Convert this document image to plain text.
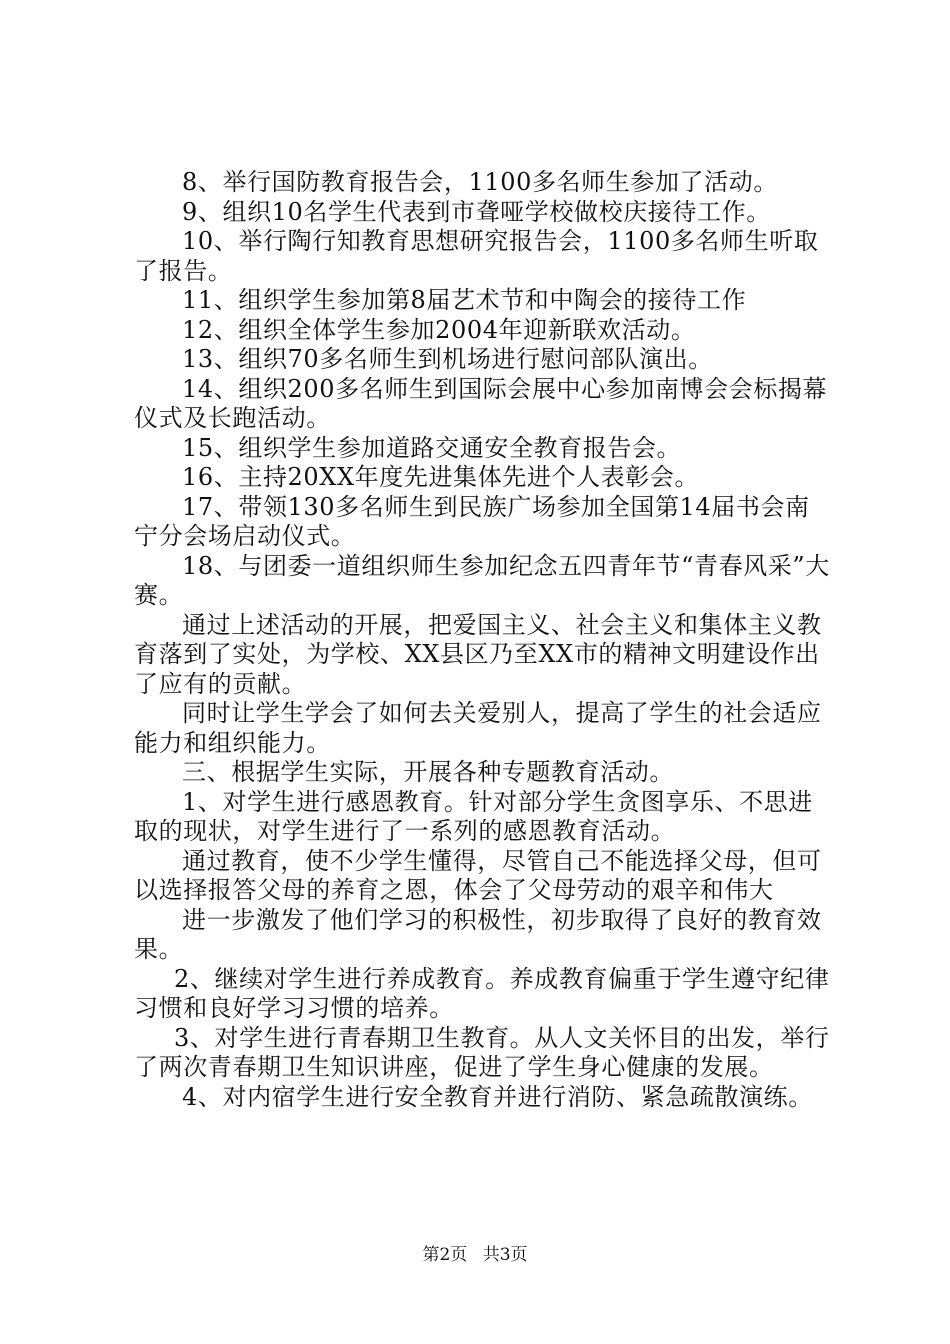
8、举行国防教育报告会，1100多名师生参加了活动。

9、组织10名学生代表到市聋哑学校做校庆接待工作。

10、举行陶行知教育思想研究报告会，1100多名师生听取了报告。

11、组织学生参加第8届艺术节和中陶会的接待工作

12、组织全体学生参加2004年迎新联欢活动。

13、组织70多名师生到机场进行慰问部队演出。

14、组织200多名师生到国际会展中心参加南博会会标揭幕仪式及长跑活动。

15、组织学生参加道路交通安全教育报告会。

16、主持20XX年度先进集体先进个人表彰会。

17、带领130多名师生到民族广场参加全国第14届书会南宁分会场启动仪式。

18、与团委一道组织师生参加纪念五四青年节“青春风采”大赛。

通过上述活动的开展，把爱国主义、社会主义和集体主义教育落到了实处，为学校、XX县区乃至XX市的精神文明建设作出了应有的贡献。

同时让学生学会了如何去关爱别人，提高了学生的社会适应能力和组织能力。

三、根据学生实际，开展各种专题教育活动。

1、对学生进行感恩教育。针对部分学生贪图享乐、不思进取的现状，对学生进行了一系列的感恩教育活动。

通过教育，使不少学生懂得，尽管自己不能选择父母，但可以选择报答父母的养育之恩，体会了父母劳动的艰辛和伟大

进一步激发了他们学习的积极性，初步取得了良好的教育效果。

2、继续对学生进行养成教育。养成教育偏重于学生遵守纪律习惯和良好学习习惯的培养。

3、对学生进行青春期卫生教育。从人文关怀目的出发，举行了两次青春期卫生知识讲座，促进了学生身心健康的发展。

4、对内宿学生进行安全教育并进行消防、紧急疏散演练。

第2页 共3页
